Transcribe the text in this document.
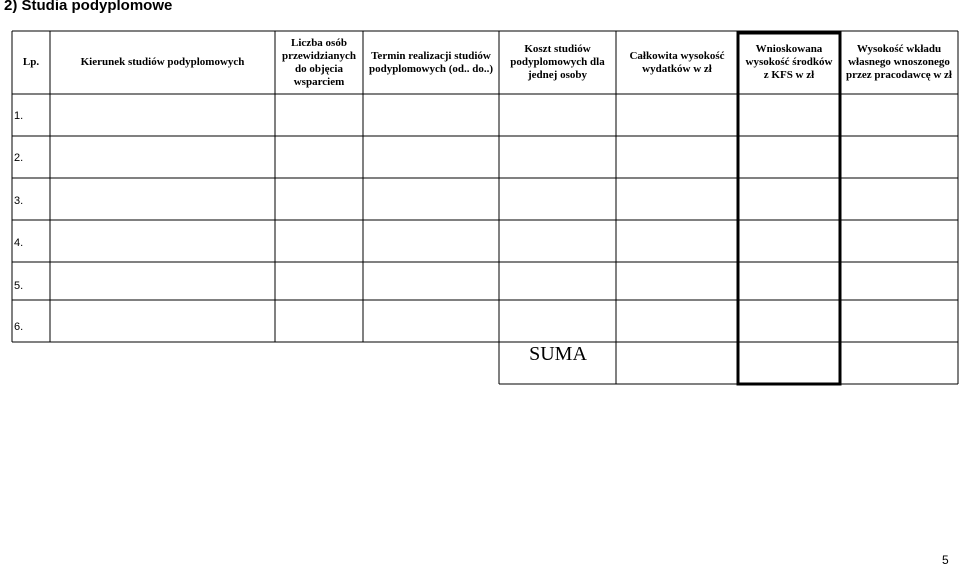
2) Studia podyplomowe
Lp.	Kierunek studiów podyplomowych
Liczba osób przewidzianych do objęcia wsparciem
Termin realizacji studiów podyplomowych (od.. do..)
Koszt studiów podyplomowych dla jednej osoby
Całkowita wysokość wydatków w zł
Wnioskowana wysokość środków z KFS w zł
Wysokość wkładu własnego wnoszonego przez pracodawcę w zł
1.
2.
3.
4.
5.
6.
SUMA
5
